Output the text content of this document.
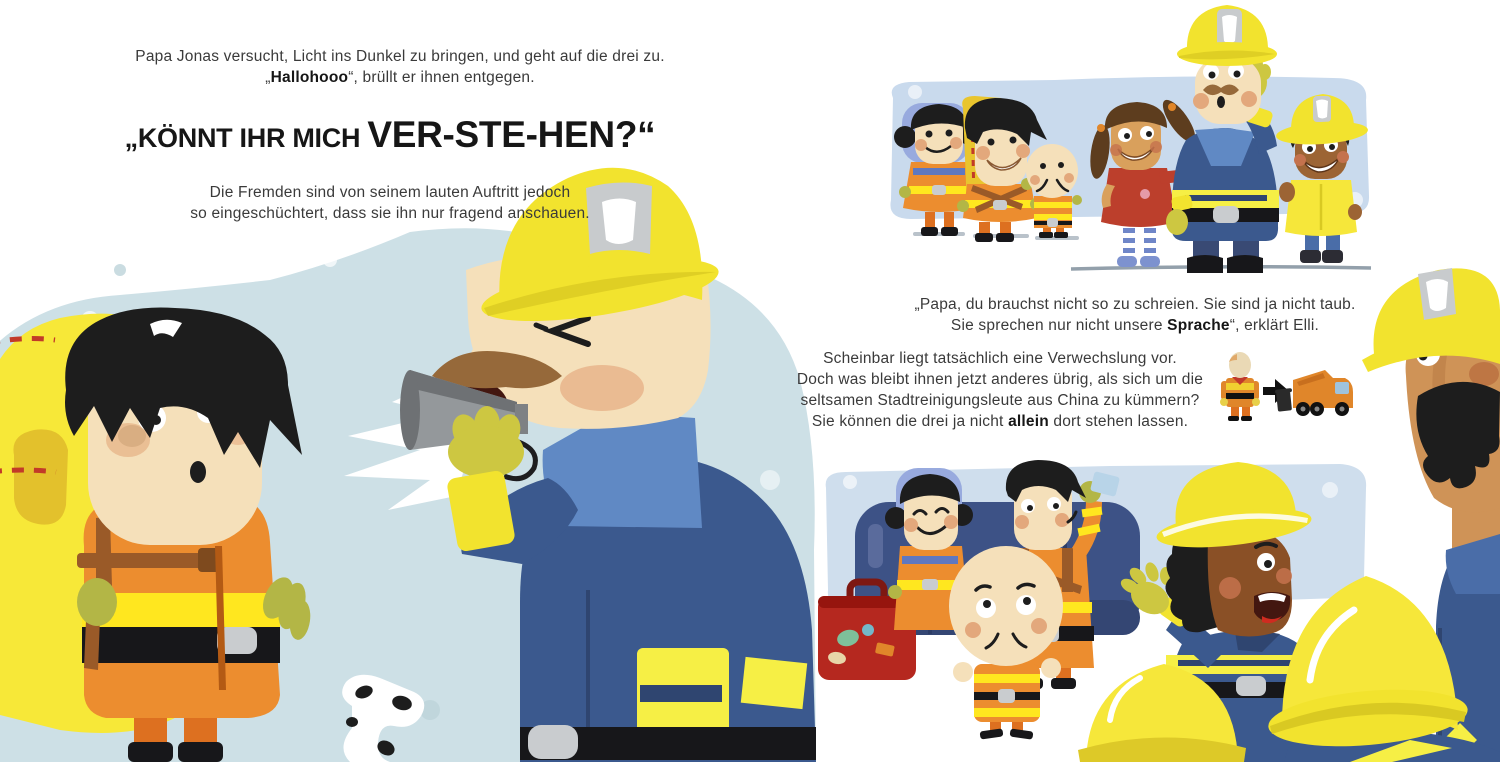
Papa Jonas versucht, Licht ins Dunkel zu bringen, und geht auf die drei zu.
„Hallohooo“, brüllt er ihnen entgegen.
„KÖNNT IHR MICH VER-STE-HEN?“
Die Fremden sind von seinem lauten Auftritt jedoch
so eingeschüchtert, dass sie ihn nur fragend anschauen.
„Papa, du brauchst nicht so zu schreien. Sie sind ja nicht taub.
Sie sprechen nur nicht unsere Sprache“, erklärt Elli.
Scheinbar liegt tatsächlich eine Verwechslung vor.
Doch was bleibt ihnen jetzt anderes übrig, als sich um die
seltsamen Stadtreinigungsleute aus China zu kümmern?
Sie können die drei ja nicht allein dort stehen lassen.
